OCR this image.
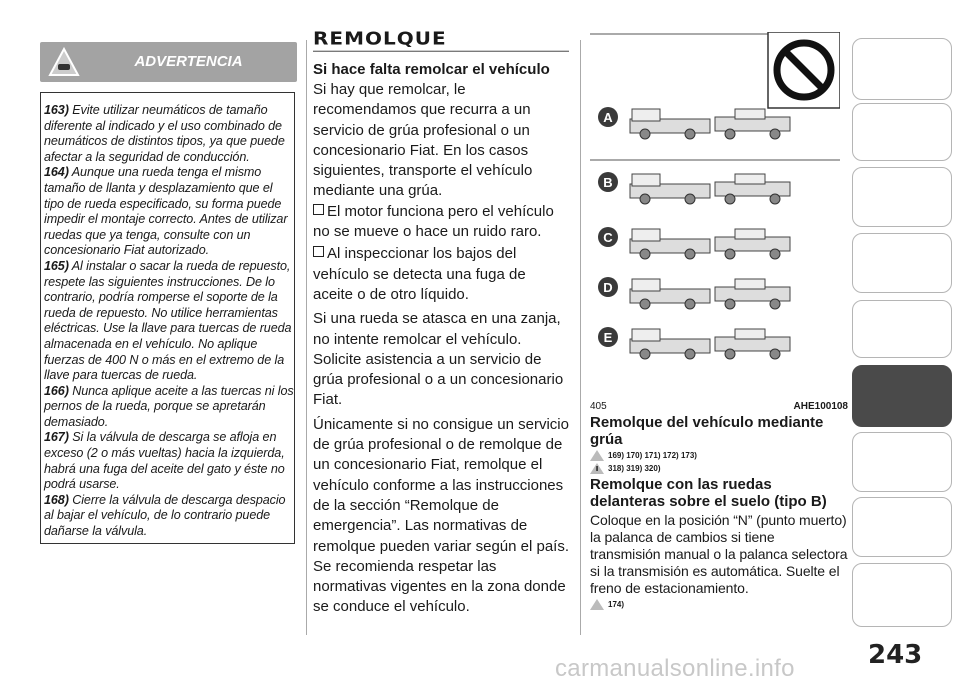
ADVERTENCIA
163) Evite utilizar neumáticos de tamaño diferente al indicado y el uso combinado de neumáticos de distintos tipos, ya que puede afectar a la seguridad de conducción.
164) Aunque una rueda tenga el mismo tamaño de llanta y desplazamiento que el tipo de rueda especificado, su forma puede impedir el montaje correcto. Antes de utilizar ruedas que ya tenga, consulte con un concesionario Fiat autorizado.
165) Al instalar o sacar la rueda de repuesto, respete las siguientes instrucciones. De lo contrario, podría romperse el soporte de la rueda de repuesto. No utilice herramientas eléctricas. Use la llave para tuercas de rueda almacenada en el vehículo. No aplique fuerzas de 400 N o más en el extremo de la llave para tuercas de rueda.
166) Nunca aplique aceite a las tuercas ni los pernos de la rueda, porque se apretarán demasiado.
167) Si la válvula de descarga se afloja en exceso (2 o más vueltas) hacia la izquierda, habrá una fuga del aceite del gato y éste no podrá usarse.
168) Cierre la válvula de descarga despacio al bajar el vehículo, de lo contrario puede dañarse la válvula.
REMOLQUE
Si hace falta remolcar el vehículo
Si hay que remolcar, le recomendamos que recurra a un servicio de grúa profesional o un concesionario Fiat. En los casos siguientes, transporte el vehículo mediante una grúa.
El motor funciona pero el vehículo no se mueve o hace un ruido raro.
Al inspeccionar los bajos del vehículo se detecta una fuga de aceite o de otro líquido.
Si una rueda se atasca en una zanja, no intente remolcar el vehículo. Solicite asistencia a un servicio de grúa profesional o a un concesionario Fiat.
Únicamente si no consigue un servicio de grúa profesional o de remolque de un concesionario Fiat, remolque el vehículo conforme a las instrucciones de la sección “Remolque de emergencia”. Las normativas de remolque pueden variar según el país. Se recomienda respetar las normativas vigentes en la zona donde se conduce el vehículo.
A
B
C
D
E
405	AHE100108
Remolque del vehículo mediante grúa
169) 170) 171) 172) 173)
318) 319) 320)
Remolque con las ruedas delanteras sobre el suelo (tipo B)
Coloque en la posición “N” (punto muerto) la palanca de cambios si tiene transmisión manual o la palanca selectora si la transmisión es automática. Suelte el freno de estacionamiento.
174)
243
carmanualsonline.info
